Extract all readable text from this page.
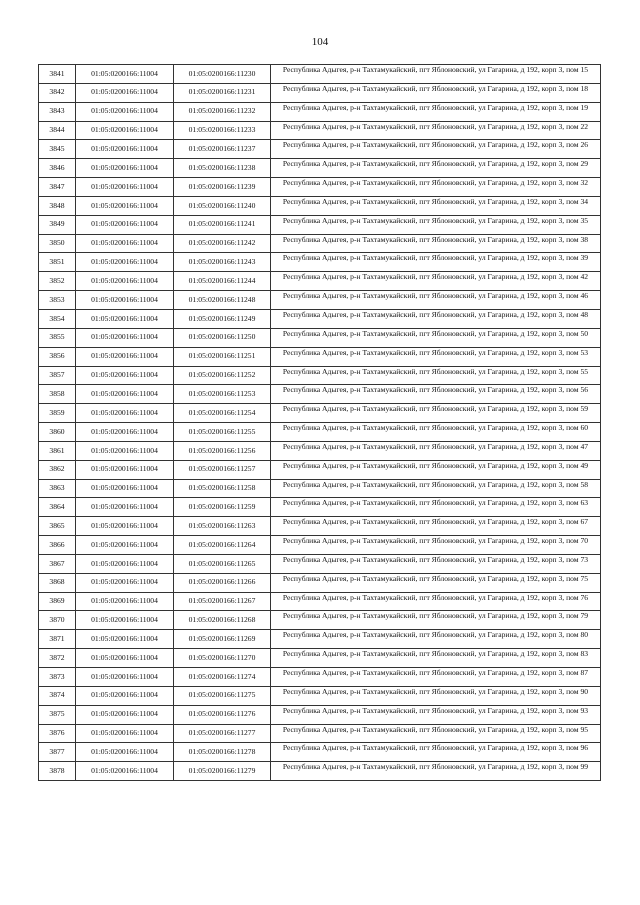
104
3841	01:05:0200166:11004	01:05:0200166:11230	Республика Адыгея, р-н Тахтамукайский, пгт Яблоновский, ул Гагарина, д 192, корп 3, пом 15
3842	01:05:0200166:11004	01:05:0200166:11231	Республика Адыгея, р-н Тахтамукайский, пгт Яблоновский, ул Гагарина, д 192, корп 3, пом 18
3843	01:05:0200166:11004	01:05:0200166:11232	Республика Адыгея, р-н Тахтамукайский, пгт Яблоновский, ул Гагарина, д 192, корп 3, пом 19
3844	01:05:0200166:11004	01:05:0200166:11233	Республика Адыгея, р-н Тахтамукайский, пгт Яблоновский, ул Гагарина, д 192, корп 3, пом 22
3845	01:05:0200166:11004	01:05:0200166:11237	Республика Адыгея, р-н Тахтамукайский, пгт Яблоновский, ул Гагарина, д 192, корп 3, пом 26
3846	01:05:0200166:11004	01:05:0200166:11238	Республика Адыгея, р-н Тахтамукайский, пгт Яблоновский, ул Гагарина, д 192, корп 3, пом 29
3847	01:05:0200166:11004	01:05:0200166:11239	Республика Адыгея, р-н Тахтамукайский, пгт Яблоновский, ул Гагарина, д 192, корп 3, пом 32
3848	01:05:0200166:11004	01:05:0200166:11240	Республика Адыгея, р-н Тахтамукайский, пгт Яблоновский, ул Гагарина, д 192, корп 3, пом 34
3849	01:05:0200166:11004	01:05:0200166:11241	Республика Адыгея, р-н Тахтамукайский, пгт Яблоновский, ул Гагарина, д 192, корп 3, пом 35
3850	01:05:0200166:11004	01:05:0200166:11242	Республика Адыгея, р-н Тахтамукайский, пгт Яблоновский, ул Гагарина, д 192, корп 3, пом 38
3851	01:05:0200166:11004	01:05:0200166:11243	Республика Адыгея, р-н Тахтамукайский, пгт Яблоновский, ул Гагарина, д 192, корп 3, пом 39
3852	01:05:0200166:11004	01:05:0200166:11244	Республика Адыгея, р-н Тахтамукайский, пгт Яблоновский, ул Гагарина, д 192, корп 3, пом 42
3853	01:05:0200166:11004	01:05:0200166:11248	Республика Адыгея, р-н Тахтамукайский, пгт Яблоновский, ул Гагарина, д 192, корп 3, пом 46
3854	01:05:0200166:11004	01:05:0200166:11249	Республика Адыгея, р-н Тахтамукайский, пгт Яблоновский, ул Гагарина, д 192, корп 3, пом 48
3855	01:05:0200166:11004	01:05:0200166:11250	Республика Адыгея, р-н Тахтамукайский, пгт Яблоновский, ул Гагарина, д 192, корп 3, пом 50
3856	01:05:0200166:11004	01:05:0200166:11251	Республика Адыгея, р-н Тахтамукайский, пгт Яблоновский, ул Гагарина, д 192, корп 3, пом 53
3857	01:05:0200166:11004	01:05:0200166:11252	Республика Адыгея, р-н Тахтамукайский, пгт Яблоновский, ул Гагарина, д 192, корп 3, пом 55
3858	01:05:0200166:11004	01:05:0200166:11253	Республика Адыгея, р-н Тахтамукайский, пгт Яблоновский, ул Гагарина, д 192, корп 3, пом 56
3859	01:05:0200166:11004	01:05:0200166:11254	Республика Адыгея, р-н Тахтамукайский, пгт Яблоновский, ул Гагарина, д 192, корп 3, пом 59
3860	01:05:0200166:11004	01:05:0200166:11255	Республика Адыгея, р-н Тахтамукайский, пгт Яблоновский, ул Гагарина, д 192, корп 3, пом 60
3861	01:05:0200166:11004	01:05:0200166:11256	Республика Адыгея, р-н Тахтамукайский, пгт Яблоновский, ул Гагарина, д 192, корп 3, пом 47
3862	01:05:0200166:11004	01:05:0200166:11257	Республика Адыгея, р-н Тахтамукайский, пгт Яблоновский, ул Гагарина, д 192, корп 3, пом 49
3863	01:05:0200166:11004	01:05:0200166:11258	Республика Адыгея, р-н Тахтамукайский, пгт Яблоновский, ул Гагарина, д 192, корп 3, пом 58
3864	01:05:0200166:11004	01:05:0200166:11259	Республика Адыгея, р-н Тахтамукайский, пгт Яблоновский, ул Гагарина, д 192, корп 3, пом 63
3865	01:05:0200166:11004	01:05:0200166:11263	Республика Адыгея, р-н Тахтамукайский, пгт Яблоновский, ул Гагарина, д 192, корп 3, пом 67
3866	01:05:0200166:11004	01:05:0200166:11264	Республика Адыгея, р-н Тахтамукайский, пгт Яблоновский, ул Гагарина, д 192, корп 3, пом 70
3867	01:05:0200166:11004	01:05:0200166:11265	Республика Адыгея, р-н Тахтамукайский, пгт Яблоновский, ул Гагарина, д 192, корп 3, пом 73
3868	01:05:0200166:11004	01:05:0200166:11266	Республика Адыгея, р-н Тахтамукайский, пгт Яблоновский, ул Гагарина, д 192, корп 3, пом 75
3869	01:05:0200166:11004	01:05:0200166:11267	Республика Адыгея, р-н Тахтамукайский, пгт Яблоновский, ул Гагарина, д 192, корп 3, пом 76
3870	01:05:0200166:11004	01:05:0200166:11268	Республика Адыгея, р-н Тахтамукайский, пгт Яблоновский, ул Гагарина, д 192, корп 3, пом 79
3871	01:05:0200166:11004	01:05:0200166:11269	Республика Адыгея, р-н Тахтамукайский, пгт Яблоновский, ул Гагарина, д 192, корп 3, пом 80
3872	01:05:0200166:11004	01:05:0200166:11270	Республика Адыгея, р-н Тахтамукайский, пгт Яблоновский, ул Гагарина, д 192, корп 3, пом 83
3873	01:05:0200166:11004	01:05:0200166:11274	Республика Адыгея, р-н Тахтамукайский, пгт Яблоновский, ул Гагарина, д 192, корп 3, пом 87
3874	01:05:0200166:11004	01:05:0200166:11275	Республика Адыгея, р-н Тахтамукайский, пгт Яблоновский, ул Гагарина, д 192, корп 3, пом 90
3875	01:05:0200166:11004	01:05:0200166:11276	Республика Адыгея, р-н Тахтамукайский, пгт Яблоновский, ул Гагарина, д 192, корп 3, пом 93
3876	01:05:0200166:11004	01:05:0200166:11277	Республика Адыгея, р-н Тахтамукайский, пгт Яблоновский, ул Гагарина, д 192, корп 3, пом 95
3877	01:05:0200166:11004	01:05:0200166:11278	Республика Адыгея, р-н Тахтамукайский, пгт Яблоновский, ул Гагарина, д 192, корп 3, пом 96
3878	01:05:0200166:11004	01:05:0200166:11279	Республика Адыгея, р-н Тахтамукайский, пгт Яблоновский, ул Гагарина, д 192, корп 3, пом 99
